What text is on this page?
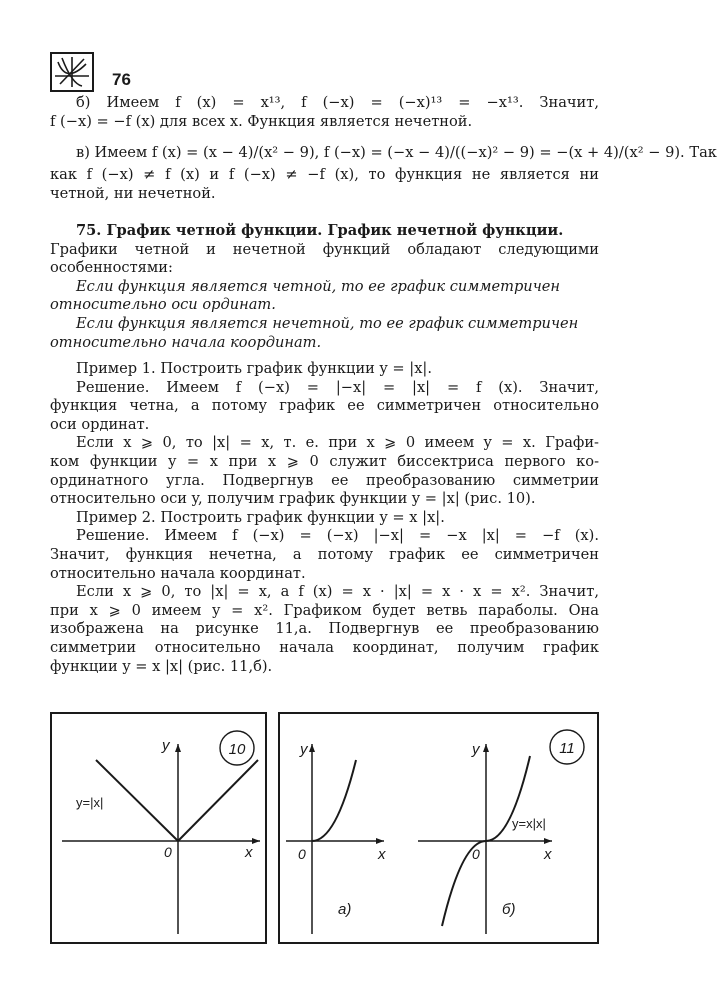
76
б) Имеем f (x) = x¹³, f (−x) = (−x)¹³ = −x¹³. Значит,
f (−x) = −f (x) для всех x. Функция является нечетной.
в) Имеем f (x) = (x − 4)/(x² − 9), f (−x) = (−x − 4)/((−x)² − 9) = −(x + 4)/(x² − 9). Так
как f (−x) ≠ f (x) и f (−x) ≠ −f (x), то функция не является ни
четной, ни нечетной.
75. График четной функции. График нечетной функции.
Графики четной и нечетной функций обладают следующими
особенностями:
Если функция является четной, то ее график симметричен
относительно оси ординат.
Если функция является нечетной, то ее график симметричен
относительно начала координат.
Пример 1. Построить график функции y = |x|.
Решение. Имеем f (−x) = |−x| = |x| = f (x). Значит,
функция четна, а потому график ее симметричен относительно
оси ординат.
Если x ⩾ 0, то |x| = x, т. е. при x ⩾ 0 имеем y = x. Графи-
ком функции y = x при x ⩾ 0 служит биссектриса первого ко-
ординатного угла. Подвергнув ее преобразованию симметрии
относительно оси y, получим график функции y = |x| (рис. 10).
Пример 2. Построить график функции y = x |x|.
Решение. Имеем f (−x) = (−x) |−x| = −x |x| = −f (x).
Значит, функция нечетна, а потому график ее симметричен
относительно начала координат.
Если x ⩾ 0, то |x| = x, а f (x) = x · |x| = x · x = x². Значит,
при x ⩾ 0 имеем y = x². Графиком будет ветвь параболы. Она
изображена на рисунке 11,а. Подвергнув ее преобразованию
симметрии относительно начала координат, получим график
функции y = x |x| (рис. 11,б).
10
y
x
0
y=|x|
y
x
0
а)
11
y
x
0
y=x|x|
б)
